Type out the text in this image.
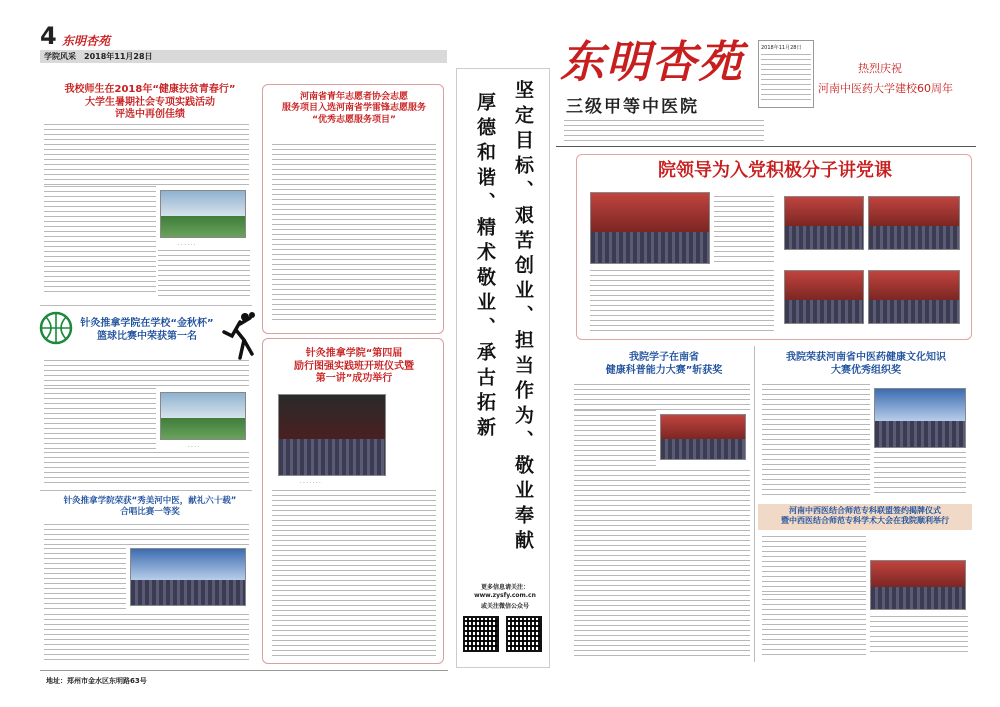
4 东明杏苑
学院风采 2018年11月28日
我校师生在2018年“健康扶贫青春行”
大学生暑期社会专项实践活动
评选中再创佳绩
· · · · · ·
针灸推拿学院在学校“金秋杯”
篮球比赛中荣获第一名
· · · ·
针灸推拿学院荣获“秀美河中医，献礼六十载”
合唱比赛一等奖
河南省青年志愿者协会志愿
服务项目入选河南省学雷锋志愿服务
“优秀志愿服务项目”
针灸推拿学院“第四届
励行图强实践班开班仪式暨
第一讲”成功举行
· · · · · · ·
地址：郑州市金水区东明路63号
坚定目标、艰苦创业、担当作为、敬业奉献
厚德和谐、精术敬业、承古拓新
更多信息请关注：
www.zysfy.com.cn
或关注微信公众号
东明杏苑
三级甲等中医院
2018年11月28日
热烈庆祝
河南中医药大学建校60周年
院领导为入党积极分子讲党课
我院学子在南省
健康科普能力大赛”斩获奖
我院荣获河南省中医药健康文化知识
大赛优秀组织奖
河南中西医结合师范专科联盟签约揭牌仪式
暨中西医结合师范专科学术大会在我院顺利举行
